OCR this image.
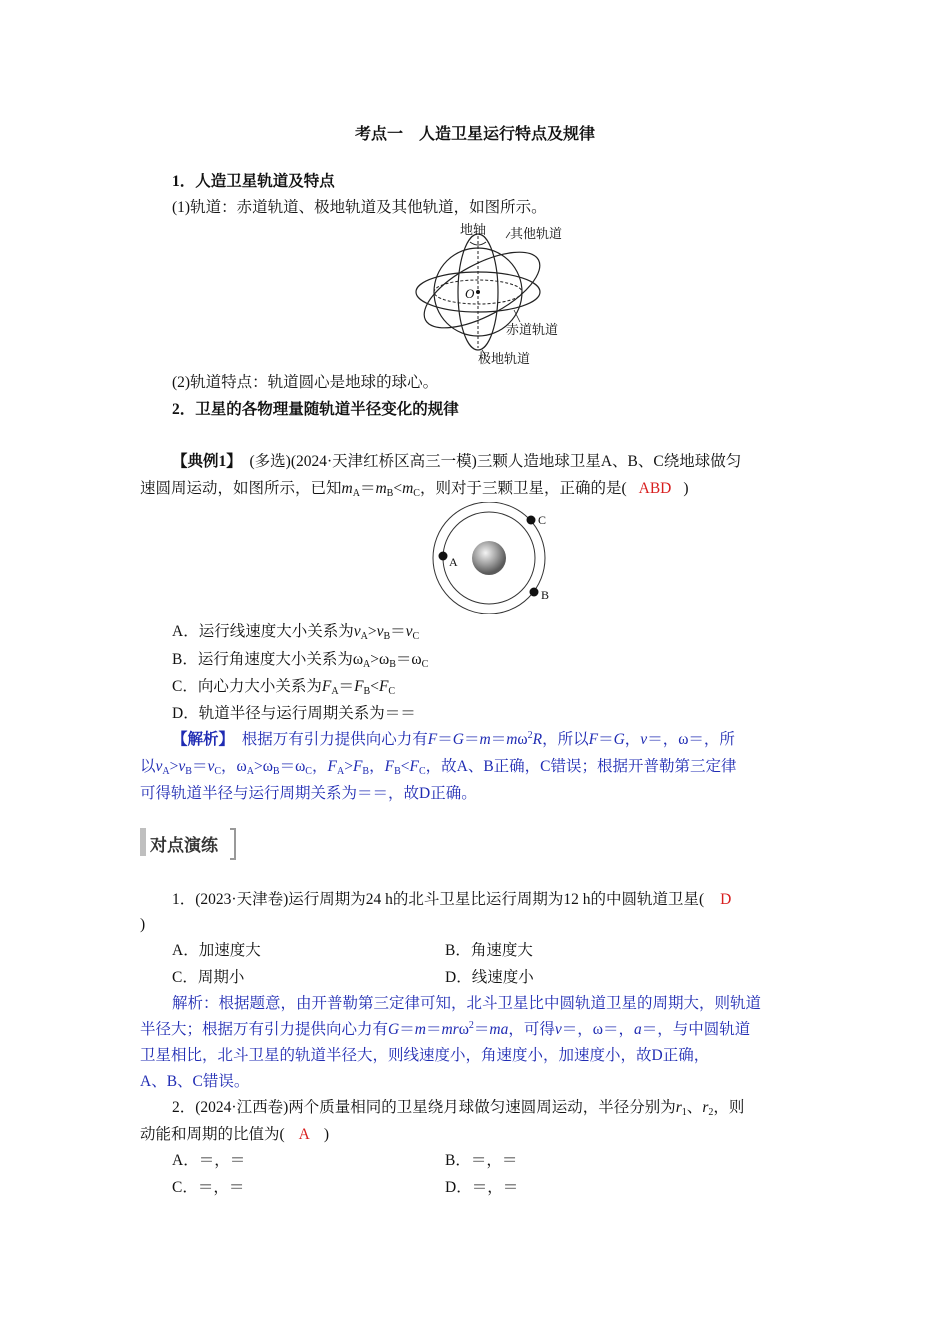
考点一　人造卫星运行特点及规律
1．人造卫星轨道及特点
(1)轨道：赤道轨道、极地轨道及其他轨道，如图所示。
地轴 其他轨道
O
赤道轨道
极地轨道
(2)轨道特点：轨道圆心是地球的球心。
2．卫星的各物理量随轨道半径变化的规律
【典例1】　(多选)(2024·天津红桥区高三一模)三颗人造地球卫星A、B、C绕地球做匀
速圆周运动，如图所示，已知$m_A=m_B<m_C$，则对于三颗卫星，正确的是( ABD )
A
B
C
A．运行线速度大小关系为$v_A>v_B=v_C$
B．运行角速度大小关系为$\omega_A>\omega_B=\omega_C$
C．向心力大小关系为$F_A=F_B<F_C$
D．轨道半径与运行周期关系为＝＝
【解析】　根据万有引力提供向心力有$F=G=m=m\omega^2R$，所以F＝G，v＝，ω＝，所
以$v_A>v_B=v_C$，$\omega_A>\omega_B=\omega_C$，$F_A>F_B$，$F_B<F_C$，故A、B正确，C错误；根据开普勒第三定律
可得轨道半径与运行周期关系为＝＝，故D正确。
对点演练
1．(2023·天津卷)运行周期为24 h的北斗卫星比运行周期为12 h的中圆轨道卫星( D
)
A．加速度大	B．角速度大
C．周期小	D．线速度小
解析：根据题意，由开普勒第三定律可知，北斗卫星比中圆轨道卫星的周期大，则轨道
半径大；根据万有引力提供向心力有G＝m＝mrω$^2$＝ma，可得v＝，ω＝，a＝，与中圆轨道
卫星相比，北斗卫星的轨道半径大，则线速度小，角速度小，加速度小，故D正确，
A、B、C错误。
2．(2024·江西卷)两个质量相同的卫星绕月球做匀速圆周运动，半径分别为$r_1$、$r_2$，则
动能和周期的比值为( A )
A．＝，＝	B．＝，＝
C．＝，＝	D．＝，＝
